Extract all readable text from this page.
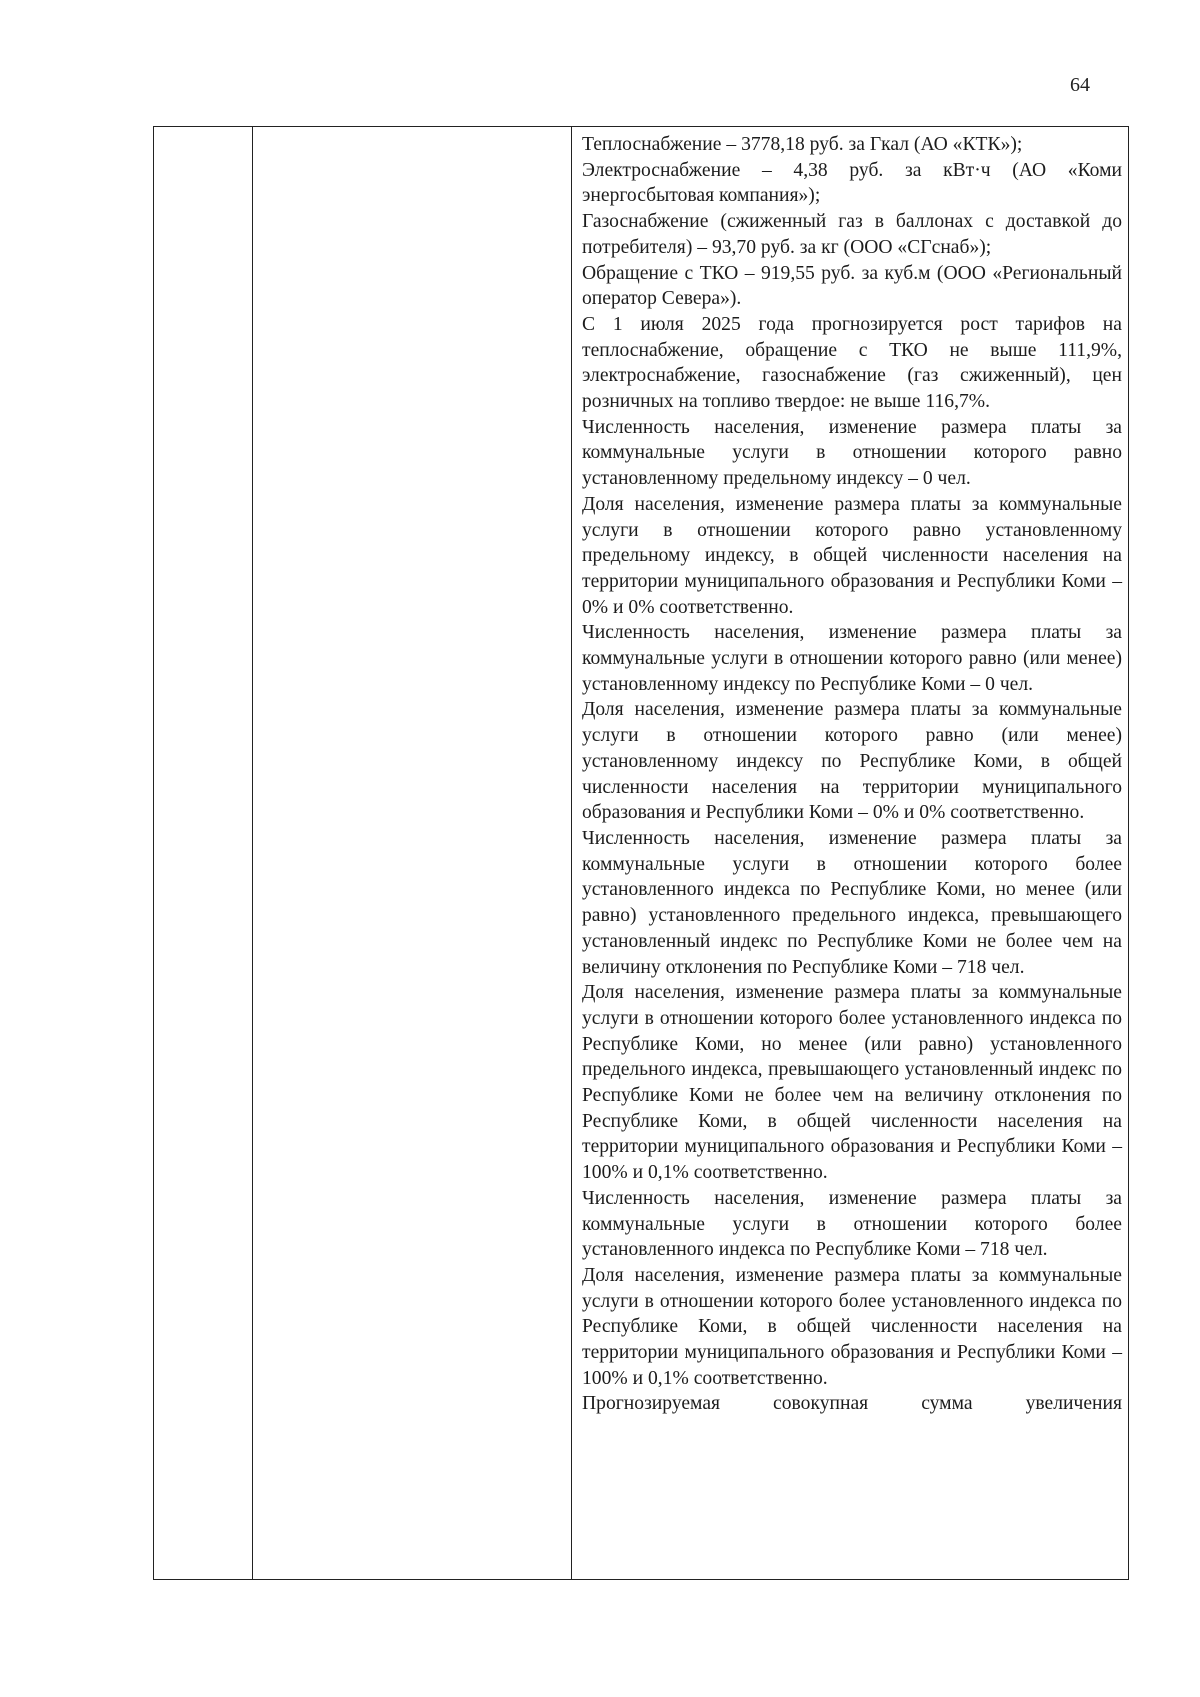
64

Теплоснабжение – 3778,18 руб. за Гкал (АО «КТК»);

Электроснабжение – 4,38 руб. за кВт·ч (АО «Коми энергосбытовая компания»);

Газоснабжение (сжиженный газ в баллонах с доставкой до потребителя) – 93,70 руб. за кг (ООО «СГснаб»);

Обращение с ТКО – 919,55 руб. за куб.м (ООО «Региональный оператор Севера»).

С 1 июля 2025 года прогнозируется рост тарифов на теплоснабжение, обращение с ТКО не выше 111,9%, электроснабжение, газоснабжение (газ сжиженный), цен розничных на топливо твердое: не выше 116,7%.

Численность населения, изменение размера платы за коммунальные услуги в отношении которого равно установленному предельному индексу – 0 чел.

Доля населения, изменение размера платы за коммунальные услуги в отношении которого равно установленному предельному индексу, в общей численности населения на территории муниципального образования и Республики Коми – 0% и 0% соответственно.

Численность населения, изменение размера платы за коммунальные услуги в отношении которого равно (или менее) установленному индексу по Республике Коми – 0 чел.

Доля населения, изменение размера платы за коммунальные услуги в отношении которого равно (или менее) установленному индексу по Республике Коми, в общей численности населения на территории муниципального образования и Республики Коми – 0% и 0% соответственно.

Численность населения, изменение размера платы за коммунальные услуги в отношении которого более установленного индекса по Республике Коми, но менее (или равно) установленного предельного индекса, превышающего установленный индекс по Республике Коми не более чем на величину отклонения по Республике Коми – 718 чел.

Доля населения, изменение размера платы за коммунальные услуги в отношении которого более установленного индекса по Республике Коми, но менее (или равно) установленного предельного индекса, превышающего установленный индекс по Республике Коми не более чем на величину отклонения по Республике Коми, в общей численности населения на территории муниципального образования и Республики Коми – 100% и 0,1% соответственно.

Численность населения, изменение размера платы за коммунальные услуги в отношении которого более установленного индекса по Республике Коми – 718 чел.

Доля населения, изменение размера платы за коммунальные услуги в отношении которого более установленного индекса по Республике Коми, в общей численности населения на территории муниципального образования и Республики Коми – 100% и 0,1% соответственно.

Прогнозируемая совокупная сумма увеличения
